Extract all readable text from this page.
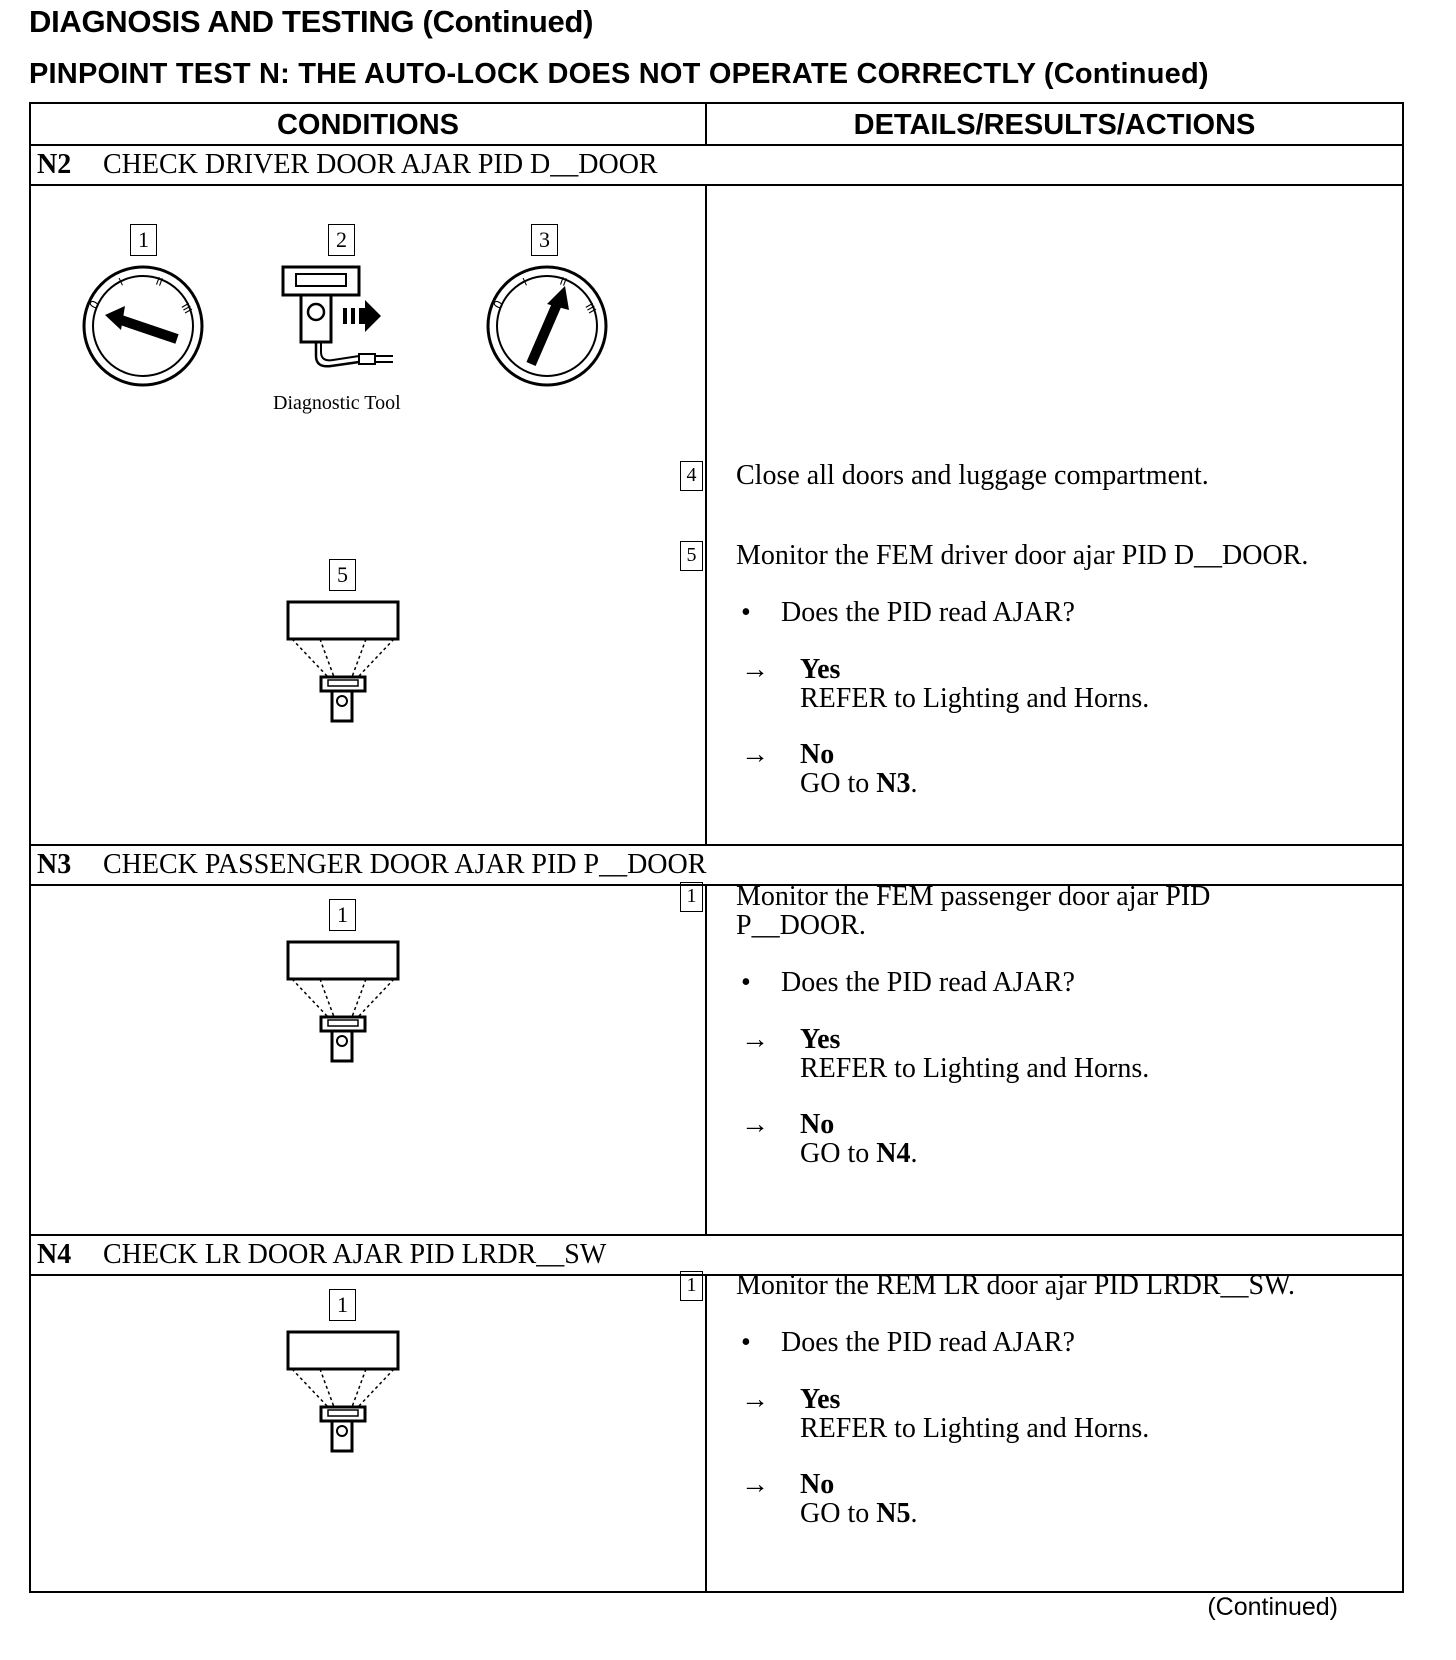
DIAGNOSIS AND TESTING (Continued)
PINPOINT TEST N: THE AUTO-LOCK DOES NOT OPERATE CORRECTLY (Continued)
CONDITIONS	DETAILS/RESULTS/ACTIONS
N2 CHECK DRIVER DOOR AJAR PID D__DOOR
1
0
I	II
III
2
Diagnostic Tool
3
0
I	II
III
5
4 Close all doors and luggage compartment.
5 Monitor the FEM driver door ajar PID D__DOOR.
• Does the PID read AJAR?
→ Yes
REFER to Lighting and Horns.
→ No
GO to N3.
N3 CHECK PASSENGER DOOR AJAR PID P__DOOR
1
1 Monitor the FEM passenger door ajar PID
P__DOOR.
• Does the PID read AJAR?
→ Yes
REFER to Lighting and Horns.
→ No
GO to N4.
N4 CHECK LR DOOR AJAR PID LRDR__SW
1
1 Monitor the REM LR door ajar PID LRDR__SW.
• Does the PID read AJAR?
→ Yes
REFER to Lighting and Horns.
→ No
GO to N5.
(Continued)
